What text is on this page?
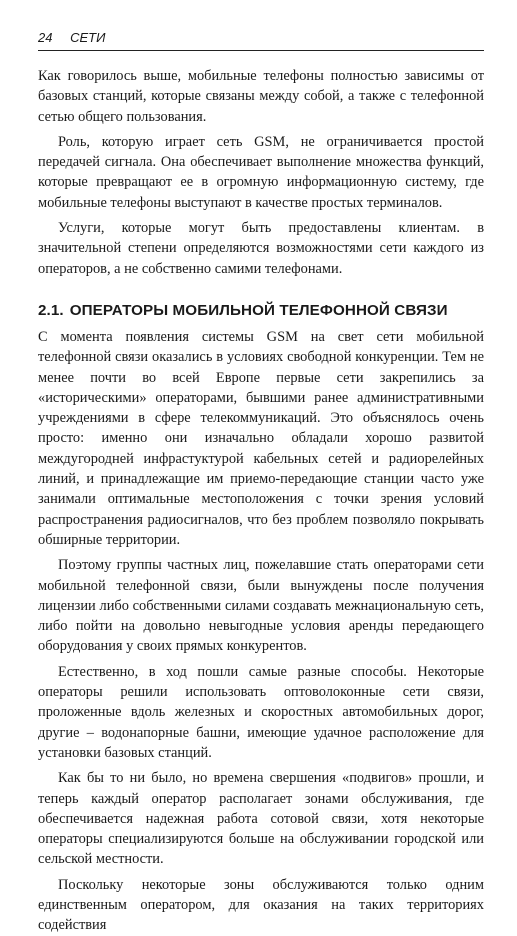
24 СЕТИ

Как говорилось выше, мобильные телефоны полностью зависимы от базовых станций, которые связаны между собой, а также с телефонной сетью общего пользования.

Роль, которую играет сеть GSM, не ограничивается простой передачей сигнала. Она обеспечивает выполнение множества функций, которые превращают ее в огромную информационную систему, где мобильные телефоны выступают в качестве простых терминалов.

Услуги, которые могут быть предоставлены клиентам. в значительной степени определяются возможностями сети каждого из операторов, а не собственно самими телефонами.

2.1. ОПЕРАТОРЫ МОБИЛЬНОЙ ТЕЛЕФОННОЙ СВЯЗИ

С момента появления системы GSM на свет сети мобильной телефонной связи оказались в условиях свободной конкуренции. Тем не менее почти во всей Европе первые сети закрепились за «историческими» операторами, бывшими ранее административными учреждениями в сфере телекоммуникаций. Это объяснялось очень просто: именно они изначально обладали хорошо развитой междугородней инфрастуктурой кабельных сетей и радиорелейных линий, и принадлежащие им приемо-передающие станции часто уже занимали оптимальные местоположения с точки зрения условий распространения радиосигналов, что без проблем позволяло покрывать обширные территории.

Поэтому группы частных лиц, пожелавшие стать операторами сети мобильной телефонной связи, были вынуждены после получения лицензии либо собственными силами создавать межнациональную сеть, либо пойти на довольно невыгодные условия аренды передающего оборудования у своих прямых конкурентов.

Естественно, в ход пошли самые разные способы. Некоторые операторы решили использовать оптоволоконные сети связи, проложенные вдоль железных и скоростных автомобильных дорог, другие – водонапорные башни, имеющие удачное расположение для установки базовых станций.

Как бы то ни было, но времена свершения «подвигов» прошли, и теперь каждый оператор располагает зонами обслуживания, где обеспечивается надежная работа сотовой связи, хотя некоторые операторы специализируются больше на обслуживании городской или сельской местности.

Поскольку некоторые зоны обслуживаются только одним единственным оператором, для оказания на таких территориях содействия
